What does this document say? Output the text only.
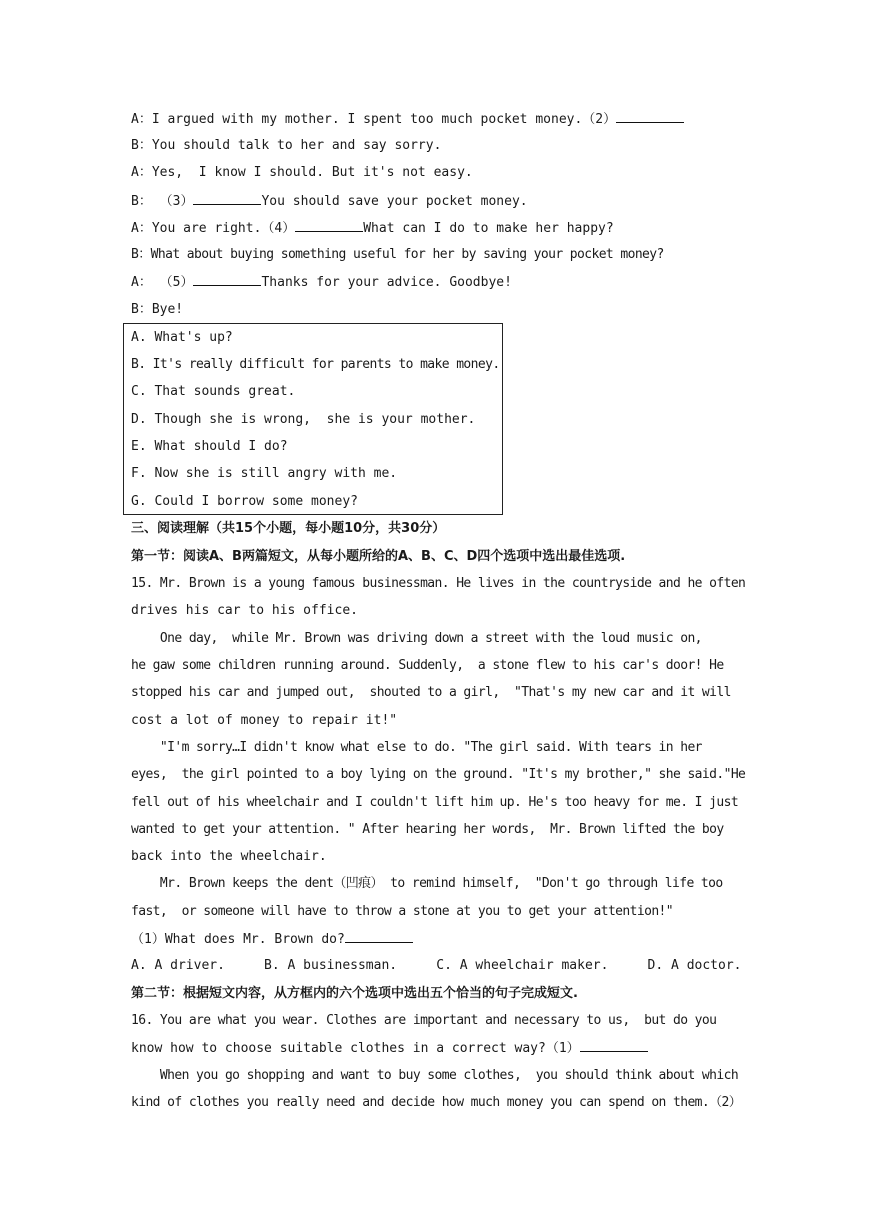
A：I argued with my mother. I spent too much pocket money.（2）
B：You should talk to her and say sorry.
A：Yes,  I know I should. But it's not easy.
B： （3）	You should save your pocket money.
A：You are right.（4）	What can I do to make her happy?
B：What about buying something useful for her by saving your pocket money?
A： （5）	Thanks for your advice. Goodbye!
B：Bye!
A. What's up?
B. It's really difficult for parents to make money.
C. That sounds great.
D. Though she is wrong,  she is your mother.
E. What should I do?
F. Now she is still angry with me.
G. Could I borrow some money?
三、阅读理解（共15个小题，每小题10分，共30分）
第一节：阅读A、B两篇短文，从每小题所给的A、B、C、D四个选项中选出最佳选项.
15. Mr. Brown is a young famous businessman. He lives in the countryside and he often
drives his car to his office.
One day,  while Mr. Brown was driving down a street with the loud music on,
he gaw some children running around. Suddenly,  a stone flew to his car's door! He
stopped his car and jumped out,  shouted to a girl,  "That's my new car and it will
cost a lot of money to repair it!"
"I'm sorry…I didn't know what else to do. "The girl said. With tears in her
eyes,  the girl pointed to a boy lying on the ground. "It's my brother," she said."He
fell out of his wheelchair and I couldn't lift him up. He's too heavy for me. I just
wanted to get your attention. " After hearing her words,  Mr. Brown lifted the boy
back into the wheelchair.
Mr. Brown keeps the dent（凹痕） to remind himself,  "Don't go through life too
fast,  or someone will have to throw a stone at you to get your attention!"
（1）What does Mr. Brown do?
A. A driver.     B. A businessman.     C. A wheelchair maker.     D. A doctor.
第二节：根据短文内容，从方框内的六个选项中选出五个恰当的句子完成短文.
16. You are what you wear. Clothes are important and necessary to us,  but do you
know how to choose suitable clothes in a correct way?（1）
When you go shopping and want to buy some clothes,  you should think about which
kind of clothes you really need and decide how much money you can spend on them.（2）
